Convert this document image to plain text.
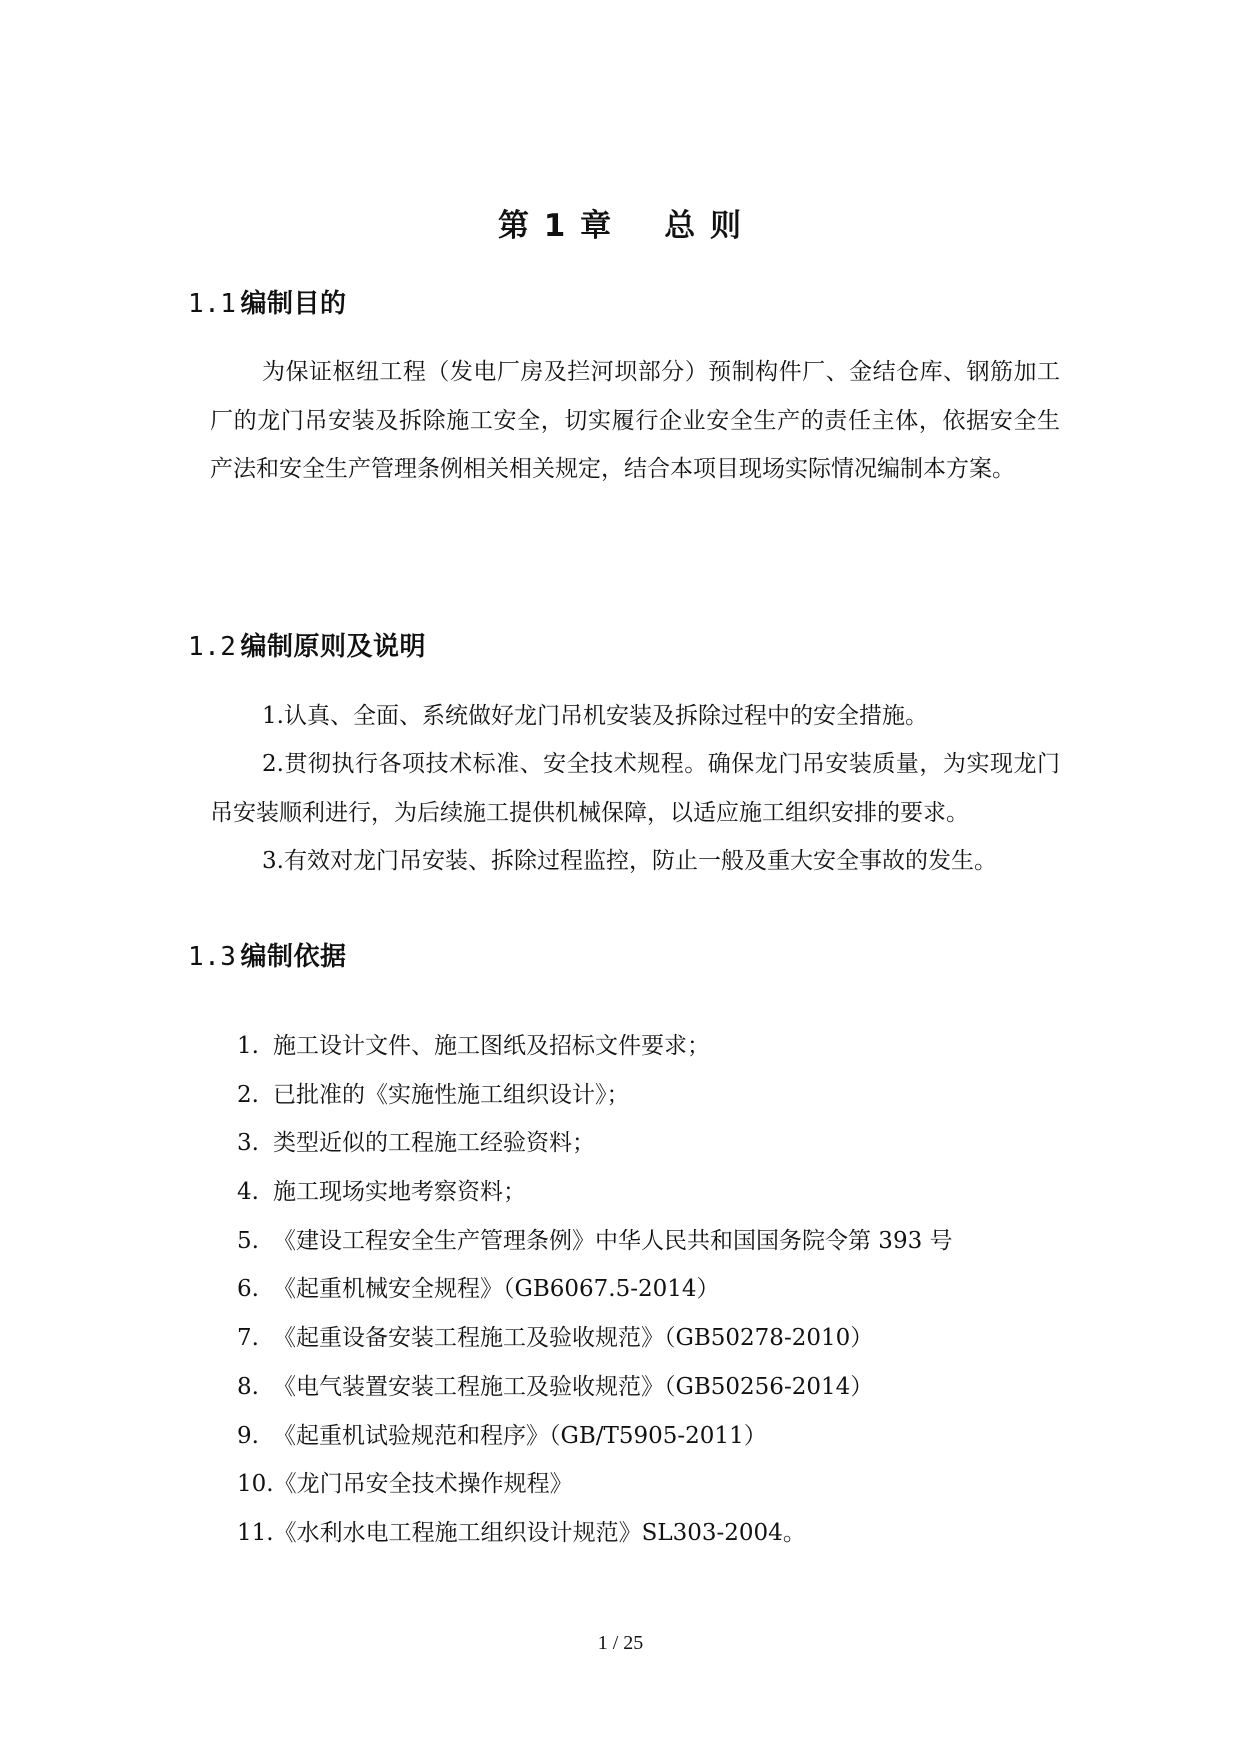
第 1 章    总 则
1.1 编制目的

为保证枢纽工程（发电厂房及拦河坝部分）预制构件厂、金结仓库、钢筋加工厂的龙门吊安装及拆除施工安全，切实履行企业安全生产的责任主体，依据安全生产法和安全生产管理条例相关相关规定，结合本项目现场实际情况编制本方案。

1.2 编制原则及说明

1.认真、全面、系统做好龙门吊机安装及拆除过程中的安全措施。

2.贯彻执行各项技术标准、安全技术规程。确保龙门吊安装质量，为实现龙门吊安装顺利进行，为后续施工提供机械保障，以适应施工组织安排的要求。

3.有效对龙门吊安装、拆除过程监控，防止一般及重大安全事故的发生。

1.3 编制依据
1. 施工设计文件、施工图纸及招标文件要求；
2. 已批准的《实施性施工组织设计》；
3. 类型近似的工程施工经验资料；
4. 施工现场实地考察资料；
5. 《建设工程安全生产管理条例》中华人民共和国国务院令第 393 号
6. 《起重机械安全规程》（GB6067.5-2014）
7. 《起重设备安装工程施工及验收规范》（GB50278-2010）
8. 《电气装置安装工程施工及验收规范》（GB50256-2014）
9. 《起重机试验规范和程序》（GB/T5905-2011）
10.《龙门吊安全技术操作规程》
11.《水利水电工程施工组织设计规范》SL303-2004。
1 / 25
